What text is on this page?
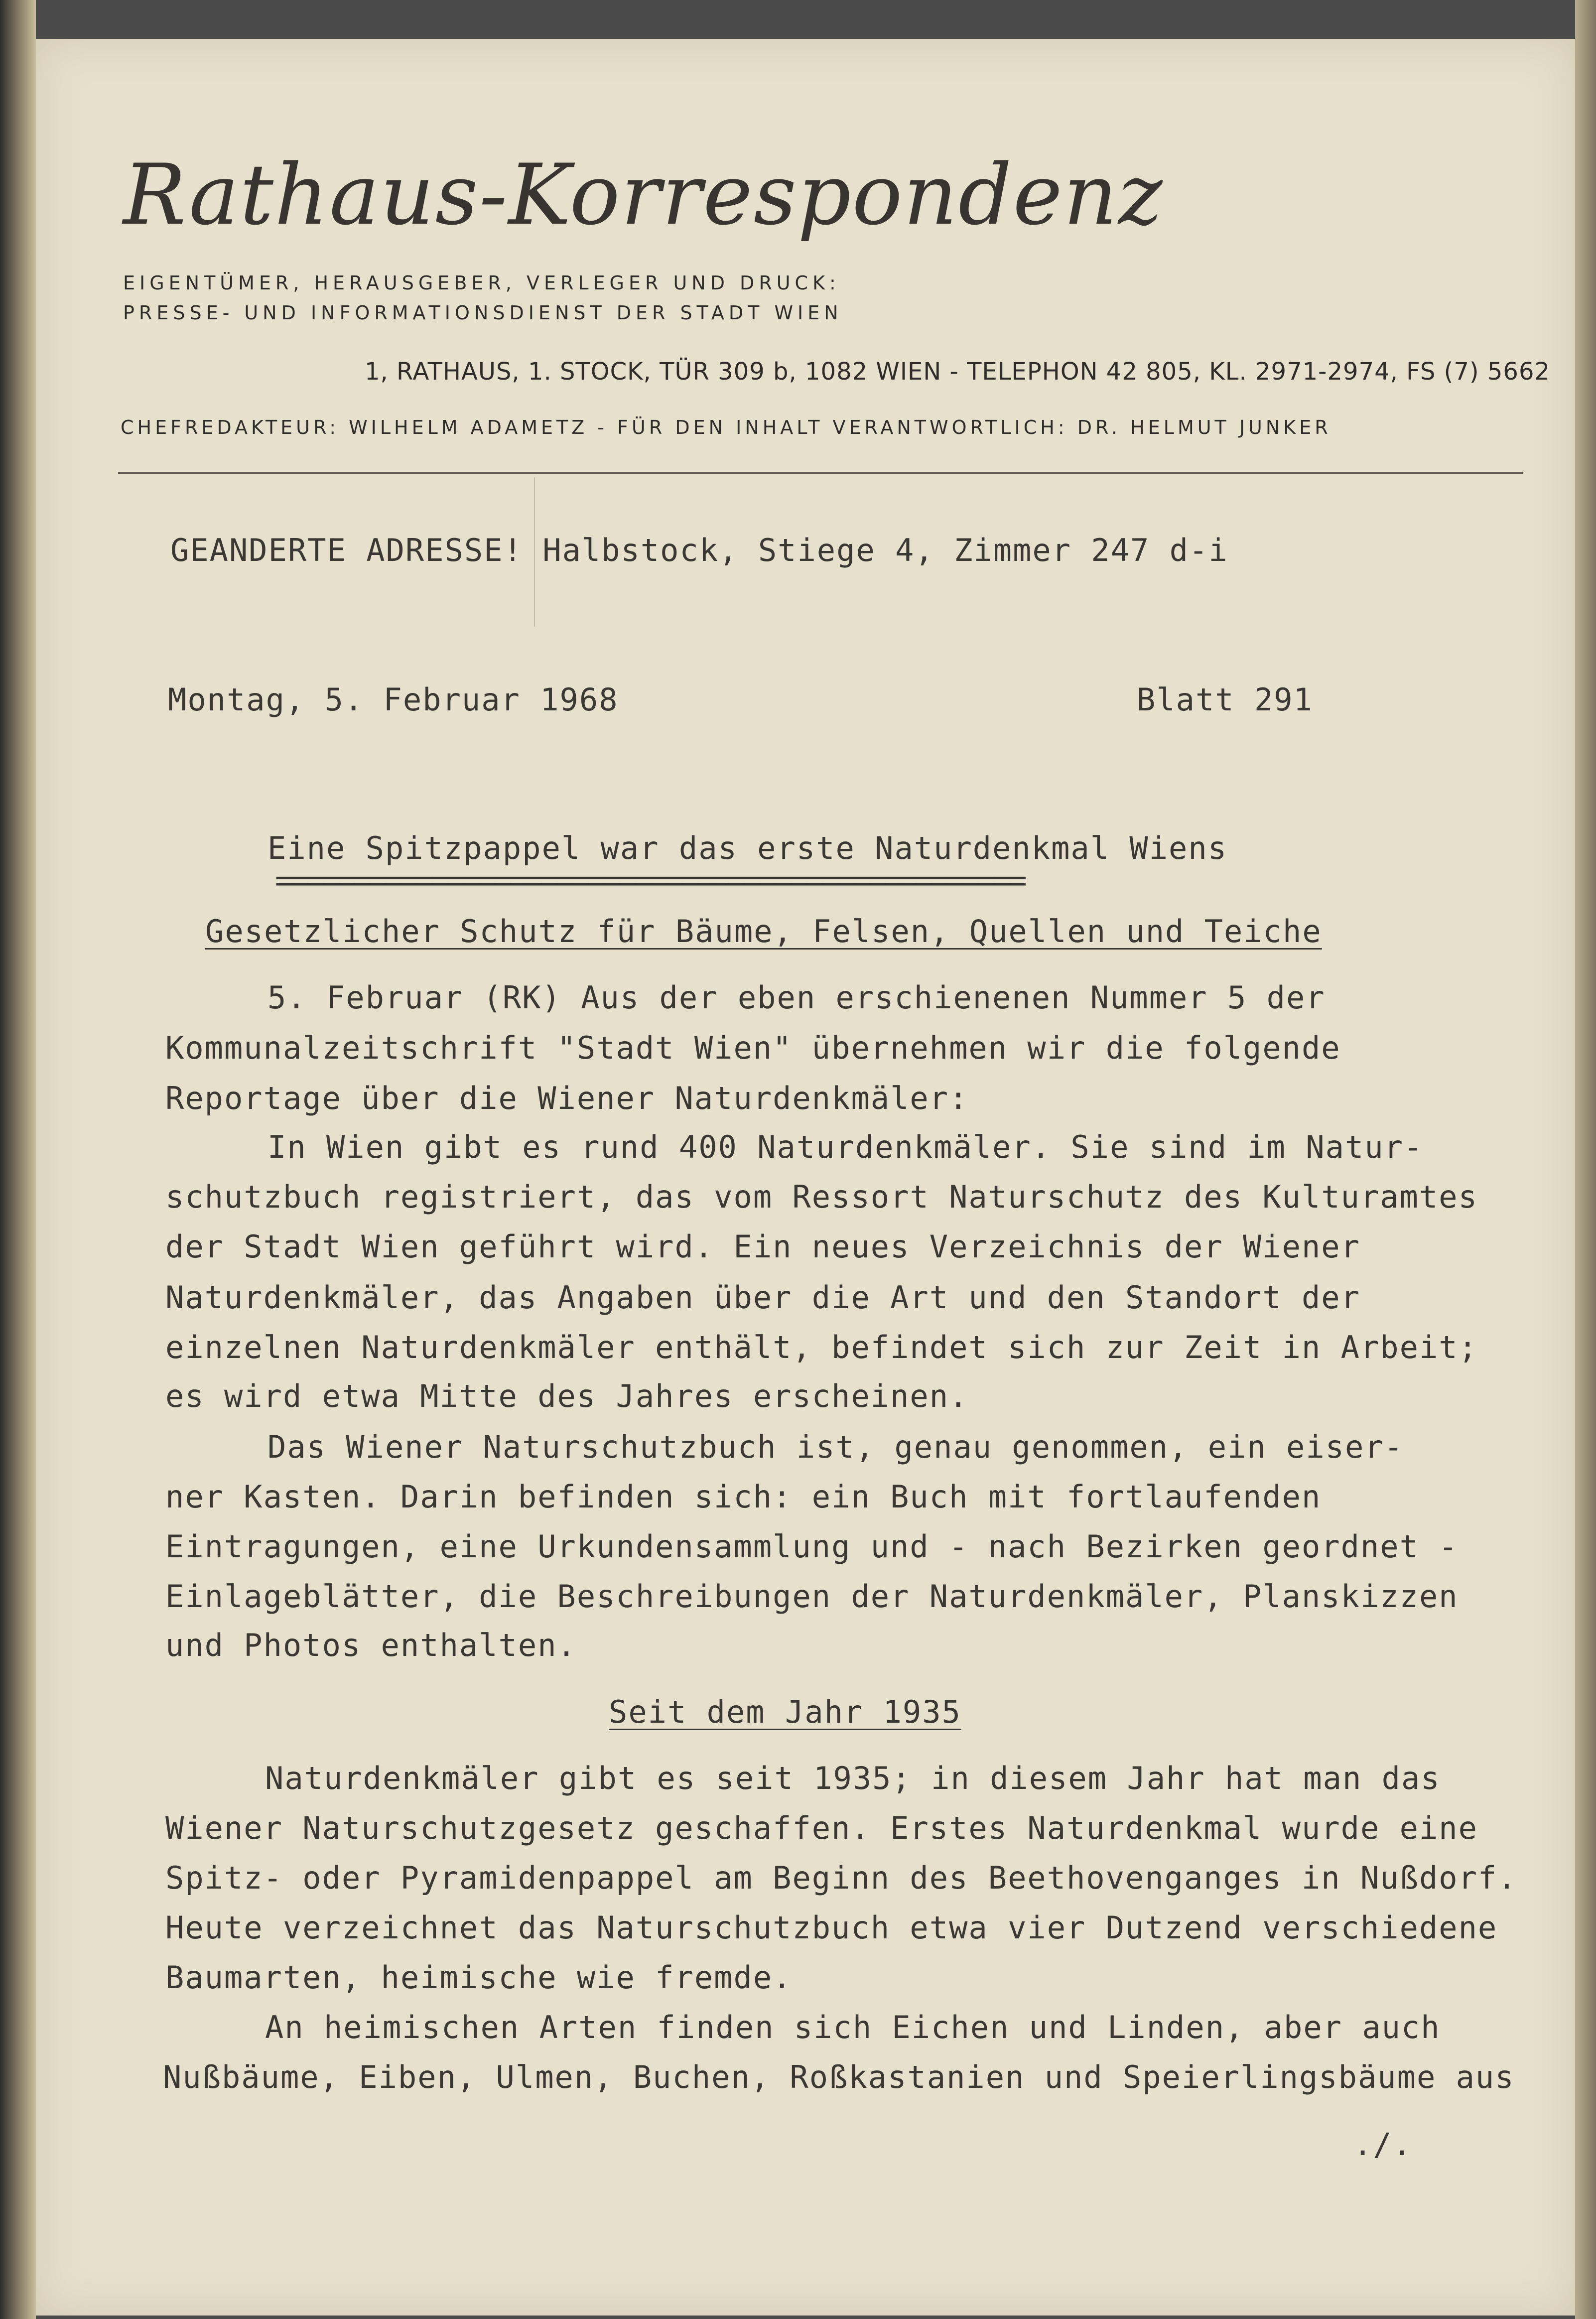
Rathaus-Korrespondenz
EIGENTÜMER, HERAUSGEBER, VERLEGER UND DRUCK:
PRESSE- UND INFORMATIONSDIENST DER STADT WIEN
1, RATHAUS, 1. STOCK, TÜR 309 b, 1082 WIEN - TELEPHON 42 805, KL. 2971-2974, FS (7) 5662
CHEFREDAKTEUR: WILHELM ADAMETZ - FÜR DEN INHALT VERANTWORTLICH: DR. HELMUT JUNKER
GEANDERTE ADRESSE! Halbstock, Stiege 4, Zimmer 247 d-i
Montag, 5. Februar 1968	Blatt 291
Eine Spitzpappel war das erste Naturdenkmal Wiens
================================================
Gesetzlicher Schutz für Bäume, Felsen, Quellen und Teiche
5. Februar (RK) Aus der eben erschienenen Nummer 5 der
Kommunalzeitschrift "Stadt Wien" übernehmen wir die folgende
Reportage über die Wiener Naturdenkmäler:
In Wien gibt es rund 400 Naturdenkmäler. Sie sind im Natur-
schutzbuch registriert, das vom Ressort Naturschutz des Kulturamtes
der Stadt Wien geführt wird. Ein neues Verzeichnis der Wiener
Naturdenkmäler, das Angaben über die Art und den Standort der
einzelnen Naturdenkmäler enthält, befindet sich zur Zeit in Arbeit;
es wird etwa Mitte des Jahres erscheinen.
Das Wiener Naturschutzbuch ist, genau genommen, ein eiser-
ner Kasten. Darin befinden sich: ein Buch mit fortlaufenden
Eintragungen, eine Urkundensammlung und - nach Bezirken geordnet -
Einlageblätter, die Beschreibungen der Naturdenkmäler, Planskizzen
und Photos enthalten.
Seit dem Jahr 1935
Naturdenkmäler gibt es seit 1935; in diesem Jahr hat man das
Wiener Naturschutzgesetz geschaffen. Erstes Naturdenkmal wurde eine
Spitz- oder Pyramidenpappel am Beginn des Beethovenganges in Nußdorf.
Heute verzeichnet das Naturschutzbuch etwa vier Dutzend verschiedene
Baumarten, heimische wie fremde.
An heimischen Arten finden sich Eichen und Linden, aber auch
Nußbäume, Eiben, Ulmen, Buchen, Roßkastanien und Speierlingsbäume aus
./.
